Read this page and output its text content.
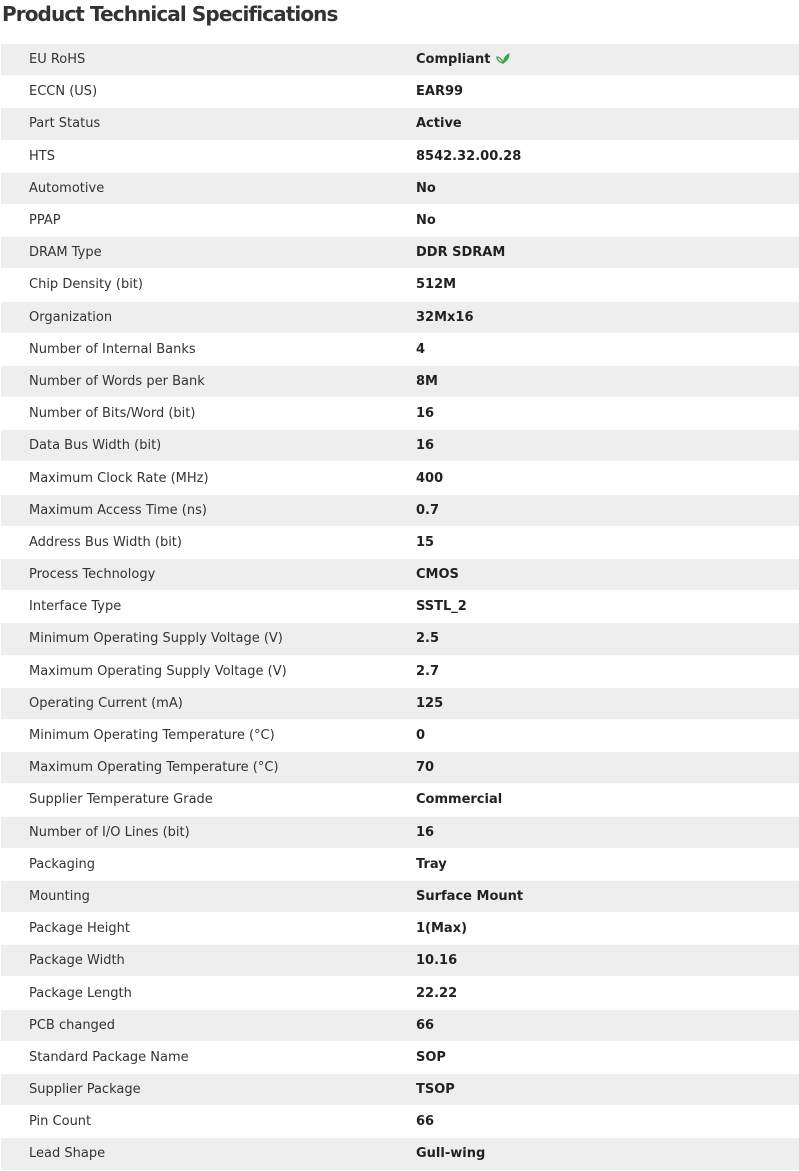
Product Technical Specifications
EU RoHS	Compliant
ECCN (US)	EAR99
Part Status	Active
HTS	8542.32.00.28
Automotive	No
PPAP	No
DRAM Type	DDR SDRAM
Chip Density (bit)	512M
Organization	32Mx16
Number of Internal Banks	4
Number of Words per Bank	8M
Number of Bits/Word (bit)	16
Data Bus Width (bit)	16
Maximum Clock Rate (MHz)	400
Maximum Access Time (ns)	0.7
Address Bus Width (bit)	15
Process Technology	CMOS
Interface Type	SSTL_2
Minimum Operating Supply Voltage (V)	2.5
Maximum Operating Supply Voltage (V)	2.7
Operating Current (mA)	125
Minimum Operating Temperature (°C)	0
Maximum Operating Temperature (°C)	70
Supplier Temperature Grade	Commercial
Number of I/O Lines (bit)	16
Packaging	Tray
Mounting	Surface Mount
Package Height	1(Max)
Package Width	10.16
Package Length	22.22
PCB changed	66
Standard Package Name	SOP
Supplier Package	TSOP
Pin Count	66
Lead Shape	Gull-wing
